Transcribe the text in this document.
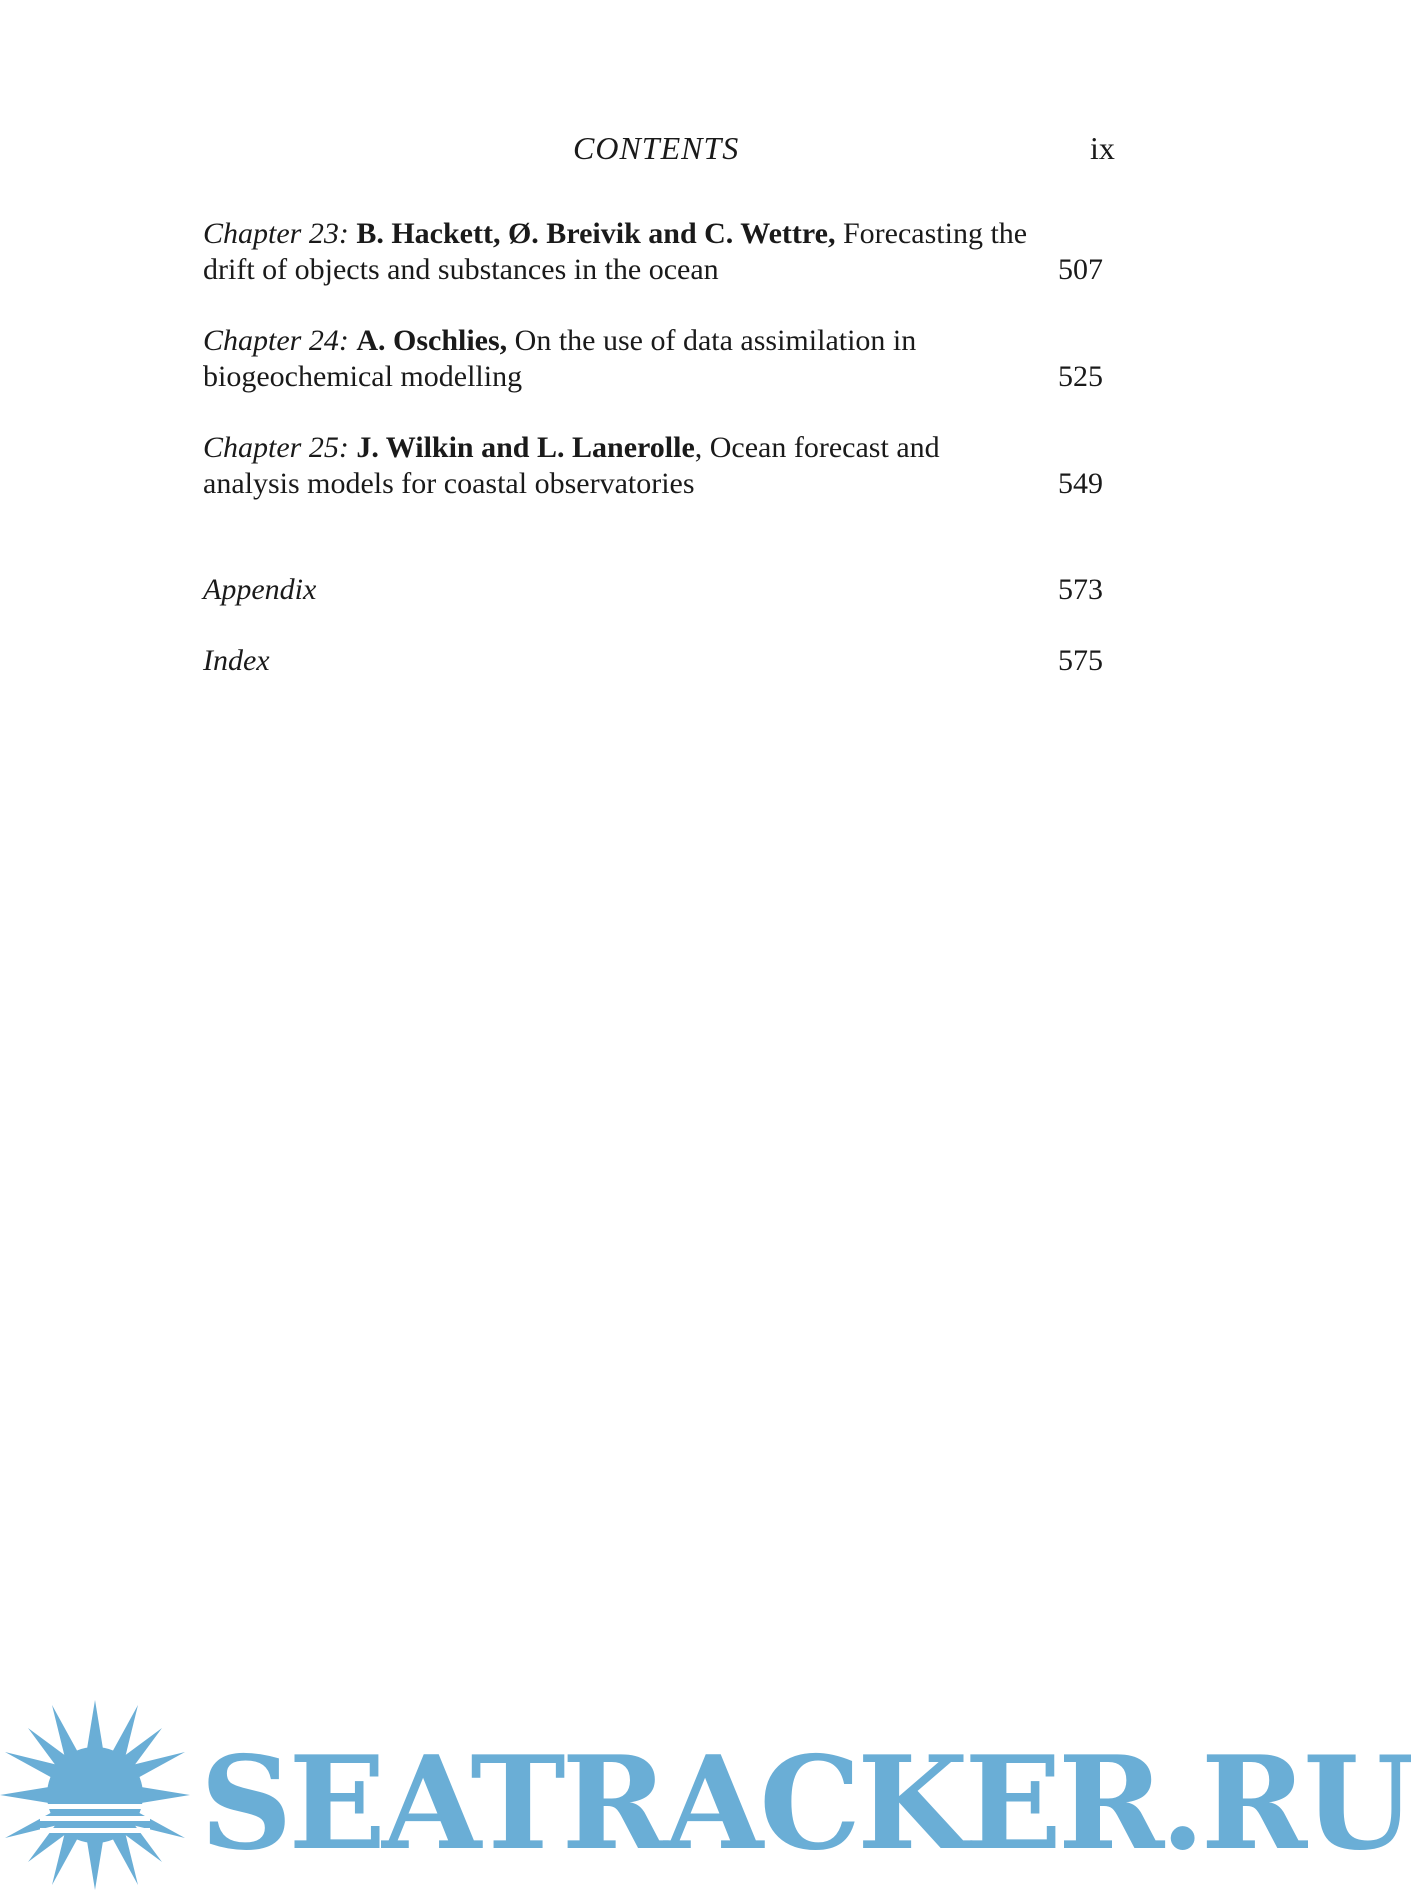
CONTENTS	ix
Chapter 23: B. Hackett, Ø. Breivik and C. Wettre, Forecasting the drift of objects and substances in the ocean	507
Chapter 24: A. Oschlies, On the use of data assimilation in biogeochemical modelling	525
Chapter 25: J. Wilkin and L. Lanerolle, Ocean forecast and analysis models for coastal observatories	549
Appendix	573
Index	575
SEATRACKER.RU
